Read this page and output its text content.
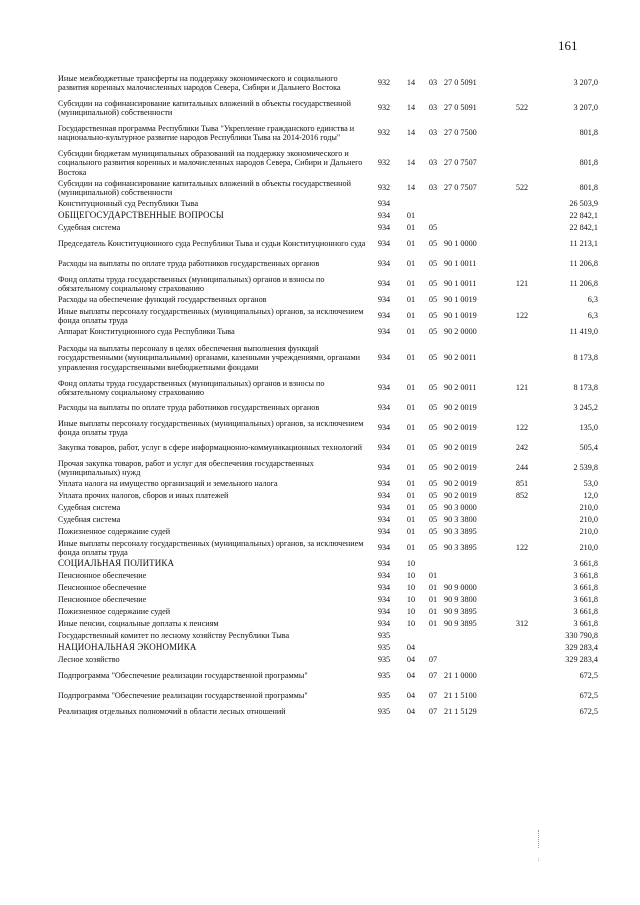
161
Иные межбюджетные трансферты на поддержку экономического и социального развития коренных малочисленных народов Севера, Сибири и Дальнего Востока	932	14	03	27 0 5091		3 207,0
Субсидии на софинансирование капитальных вложений в объекты государственной (муниципальной) собственности	932	14	03	27 0 5091	522	3 207,0
Государственная программа Республики Тыва "Укрепление гражданского единства и национально-культурное развитие народов Республики Тыва на 2014-2016 годы"	932	14	03	27 0 7500		801,8
Субсидии бюджетам муниципальных образований на поддержку экономического и социального развития коренных и малочисленных народов Севера, Сибири и Дальнего Востока	932	14	03	27 0 7507		801,8
Субсидии на софинансирование капитальных вложений в объекты государственной (муниципальной) собственности	932	14	03	27 0 7507	522	801,8
Конституционный суд Республики Тыва	934					26 503,9
ОБЩЕГОСУДАРСТВЕННЫЕ ВОПРОСЫ	934	01				22 842,1
Судебная система	934	01	05			22 842,1
Председатель Конституционного суда Республики Тыва и судьи Конституционного суда	934	01	05	90 1 0000		11 213,1
Расходы на выплаты по оплате труда работников государственных органов	934	01	05	90 1 0011		11 206,8
Фонд оплаты труда государственных (муниципальных) органов и взносы по обязательному социальному страхованию	934	01	05	90 1 0011	121	11 206,8
Расходы на обеспечение функций государственных органов	934	01	05	90 1 0019		6,3
Иные выплаты персоналу государственных (муниципальных) органов, за исключением фонда оплаты труда	934	01	05	90 1 0019	122	6,3
Аппарат Конституционного суда Республики Тыва	934	01	05	90 2 0000		11 419,0
Расходы на выплаты персоналу в целях обеспечения выполнения функций государственными (муниципальными) органами, казенными учреждениями, органами управления государственными внебюджетными фондами	934	01	05	90 2 0011		8 173,8
Фонд оплаты труда государственных (муниципальных) органов и взносы по обязательному социальному страхованию	934	01	05	90 2 0011	121	8 173,8
Расходы на выплаты по оплате труда работников государственных органов	934	01	05	90 2 0019		3 245,2
Иные выплаты персоналу государственных (муниципальных) органов, за исключением фонда оплаты труда	934	01	05	90 2 0019	122	135,0
Закупка товаров, работ, услуг в сфере информационно-коммуникационных технологий	934	01	05	90 2 0019	242	505,4
Прочая закупка товаров, работ и услуг для обеспечения государственных (муниципальных) нужд	934	01	05	90 2 0019	244	2 539,8
Уплата налога на имущество организаций и земельного налога	934	01	05	90 2 0019	851	53,0
Уплата прочих налогов, сборов и иных платежей	934	01	05	90 2 0019	852	12,0
Судебная система	934	01	05	90 3 0000		210,0
Судебная система	934	01	05	90 3 3800		210,0
Пожизненное содержание судей	934	01	05	90 3 3895		210,0
Иные выплаты персоналу государственных (муниципальных) органов, за исключением фонда оплаты труда	934	01	05	90 3 3895	122	210,0
СОЦИАЛЬНАЯ ПОЛИТИКА	934	10				3 661,8
Пенсионное обеспечение	934	10	01			3 661,8
Пенсионное обеспечение	934	10	01	90 9 0000		3 661,8
Пенсионное обеспечение	934	10	01	90 9 3800		3 661,8
Пожизненное содержание судей	934	10	01	90 9 3895		3 661,8
Иные пенсии, социальные доплаты к пенсиям	934	10	01	90 9 3895	312	3 661,8
Государственный комитет по лесному хозяйству Республики Тыва	935					330 790,8
НАЦИОНАЛЬНАЯ ЭКОНОМИКА	935	04				329 283,4
Лесное хозяйство	935	04	07			329 283,4
Подпрограмма "Обеспечение реализации государственной программы"	935	04	07	21 1 0000		672,5
Подпрограмма "Обеспечение реализации государственной программы"	935	04	07	21 1 5100		672,5
Реализация отдельных полномочий в области лесных отношений	935	04	07	21 1 5129		672,5
